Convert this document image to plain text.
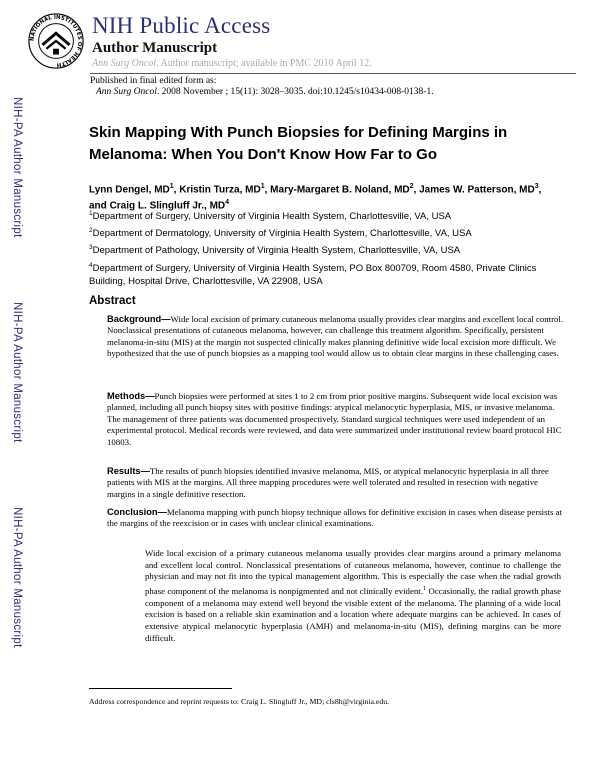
NATIONAL INSTITUTES OF HEALTH
NIH Public Access
Author Manuscript
Ann Surg Oncol. Author manuscript; available in PMC 2010 April 12.
Published in final edited form as:
Ann Surg Oncol. 2008 November ; 15(11): 3028–3035. doi:10.1245/s10434-008-0138-1.
NIH-PA Author Manuscript
NIH-PA Author Manuscript
NIH-PA Author Manuscript
Skin Mapping With Punch Biopsies for Defining Margins in
Melanoma: When You Don't Know How Far to Go
Lynn Dengel, $MD^1$, Kristin Turza, $MD^1$, Mary-Margaret B. Noland, $MD^2$, James W. Patterson, $MD^3$, and Craig L. Slingluff Jr., $MD^4$
$^1$Department of Surgery, University of Virginia Health System, Charlottesville, VA, USA
$^2$Department of Dermatology, University of Virginia Health System, Charlottesville, VA, USA
$^3$Department of Pathology, University of Virginia Health System, Charlottesville, VA, USA
$^4$Department of Surgery, University of Virginia Health System, PO Box 800709, Room 4580, Private Clinics Building, Hospital Drive, Charlottesville, VA 22908, USA
Abstract
Background—Wide local excision of primary cutaneous melanoma usually provides clear margins and excellent local control. Nonclassical presentations of cutaneous melanoma, however, can challenge this treatment algorithm. Specifically, persistent melanoma-in-situ (MIS) at the margin not suspected clinically makes planning definitive wide local excision more difficult. We hypothesized that the use of punch biopsies as a mapping tool would allow us to obtain clear margins in these challenging cases.
Methods—Punch biopsies were performed at sites 1 to 2 cm from prior positive margins. Subsequent wide local excision was planned, including all punch biopsy sites with positive findings: atypical melanocytic hyperplasia, MIS, or invasive melanoma. The management of three patients was documented prospectively. Standard surgical techniques were used independent of an experimental protocol. Medical records were reviewed, and data were summarized under institutional review board protocol HIC 10803.
Results—The results of punch biopsies identified invasive melanoma, MIS, or atypical melanocytic hyperplasia in all three patients with MIS at the margins. All three mapping procedures were well tolerated and resulted in resection with negative margins in a single definitive resection.
Conclusion—Melanoma mapping with punch biopsy technique allows for definitive excision in cases when disease persists at the margins of the reexcision or in cases with unclear clinical examinations.
Wide local excision of a primary cutaneous melanoma usually provides clear margins around a primary melanoma and excellent local control. Nonclassical presentations of cutaneous melanoma, however, continue to challenge the physician and may not fit into the typical management algorithm. This is especially the case when the radial growth phase component of the melanoma is nonpigmented and not clinically evident.$^1$ Occasionally, the radial growth phase component of a melanoma may extend well beyond the visible extent of the melanoma. The planning of a wide local excision is based on a reliable skin examination and a location where adequate margins can be achieved. In cases of extensive atypical melanocytic hyperplasia (AMH) and melanoma-in-situ (MIS), defining margins can be more difficult.
Address correspondence and reprint requests to: Craig L. Slingluff Jr., MD; cls8h@virginia.edu.
